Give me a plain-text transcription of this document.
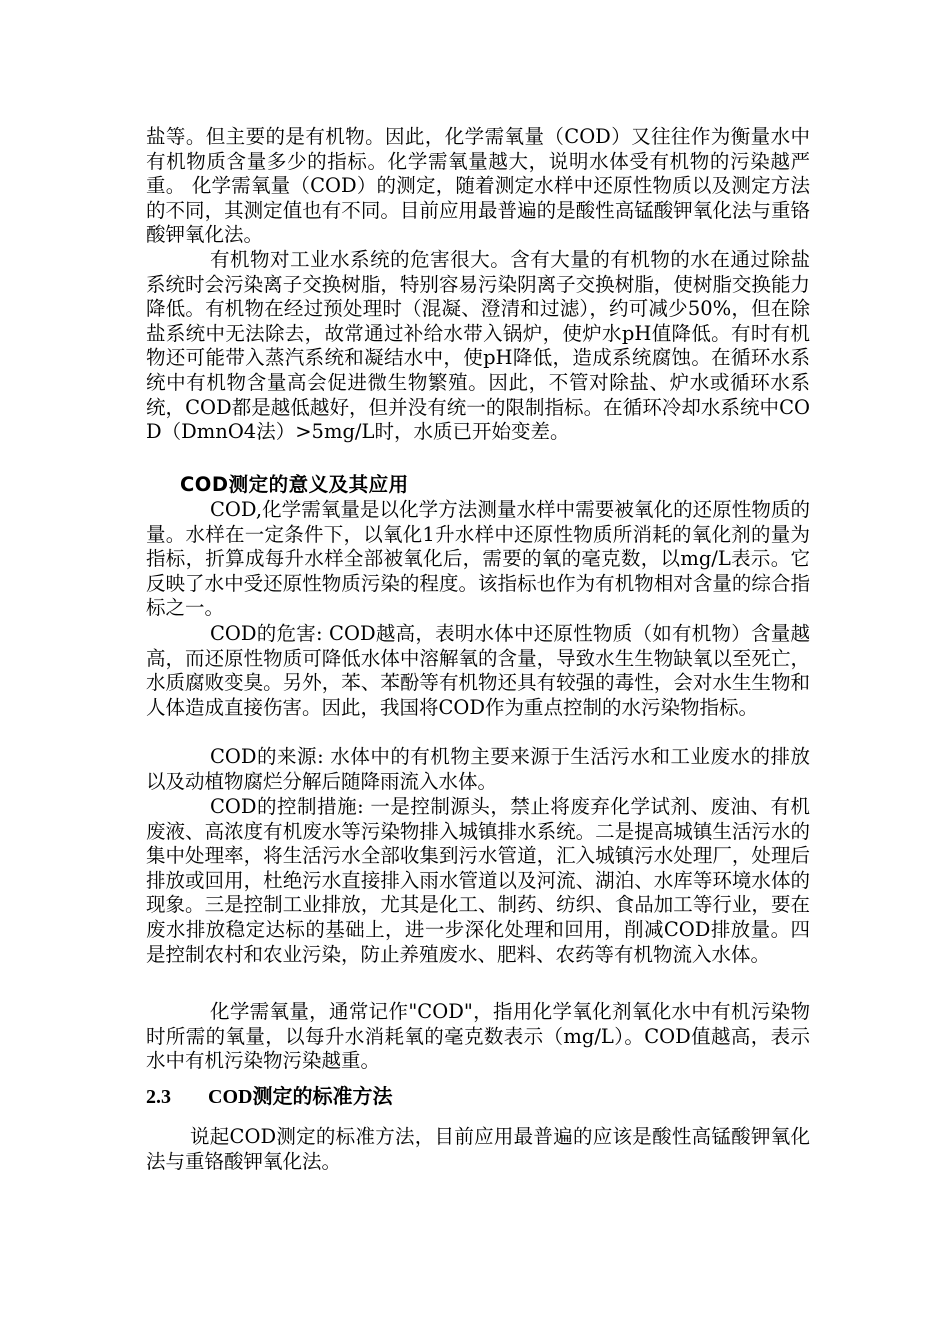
盐等。但主要的是有机物。因此，化学需氧量（COD）又往往作为衡量水中有机物质含量多少的指标。化学需氧量越大，说明水体受有机物的污染越严重。 化学需氧量（COD）的测定，随着测定水样中还原性物质以及测定方法的不同，其测定值也有不同。目前应用最普遍的是酸性高锰酸钾氧化法与重铬酸钾氧化法。

有机物对工业水系统的危害很大。含有大量的有机物的水在通过除盐系统时会污染离子交换树脂，特别容易污染阴离子交换树脂，使树脂交换能力降低。有机物在经过预处理时（混凝、澄清和过滤），约可减少50%，但在除盐系统中无法除去，故常通过补给水带入锅炉，使炉水pH值降低。有时有机物还可能带入蒸汽系统和凝结水中，使pH降低，造成系统腐蚀。在循环水系统中有机物含量高会促进微生物繁殖。因此，不管对除盐、炉水或循环水系统，COD都是越低越好，但并没有统一的限制指标。在循环冷却水系统中COD（DmnO4法）>5mg/L时，水质已开始变差。

COD测定的意义及其应用

COD,化学需氧量是以化学方法测量水样中需要被氧化的还原性物质的量。水样在一定条件下，以氧化1升水样中还原性物质所消耗的氧化剂的量为指标，折算成每升水样全部被氧化后，需要的氧的毫克数，以mg/L表示。它反映了水中受还原性物质污染的程度。该指标也作为有机物相对含量的综合指标之一。

COD的危害: COD越高，表明水体中还原性物质（如有机物）含量越高，而还原性物质可降低水体中溶解氧的含量，导致水生生物缺氧以至死亡，水质腐败变臭。另外，苯、苯酚等有机物还具有较强的毒性，会对水生生物和人体造成直接伤害。因此，我国将COD作为重点控制的水污染物指标。

COD的来源: 水体中的有机物主要来源于生活污水和工业废水的排放以及动植物腐烂分解后随降雨流入水体。

COD的控制措施: 一是控制源头，禁止将废弃化学试剂、废油、有机废液、高浓度有机废水等污染物排入城镇排水系统。二是提高城镇生活污水的集中处理率，将生活污水全部收集到污水管道，汇入城镇污水处理厂，处理后排放或回用，杜绝污水直接排入雨水管道以及河流、湖泊、水库等环境水体的现象。三是控制工业排放，尤其是化工、制药、纺织、食品加工等行业，要在废水排放稳定达标的基础上，进一步深化处理和回用，削减COD排放量。四是控制农村和农业污染，防止养殖废水、肥料、农药等有机物流入水体。

化学需氧量，通常记作"COD"，指用化学氧化剂氧化水中有机污染物时所需的氧量，以每升水消耗氧的毫克数表示（mg/L）。COD值越高，表示水中有机污染物污染越重。

2.3 COD测定的标准方法

说起COD测定的标准方法，目前应用最普遍的应该是酸性高锰酸钾氧化法与重铬酸钾氧化法。
